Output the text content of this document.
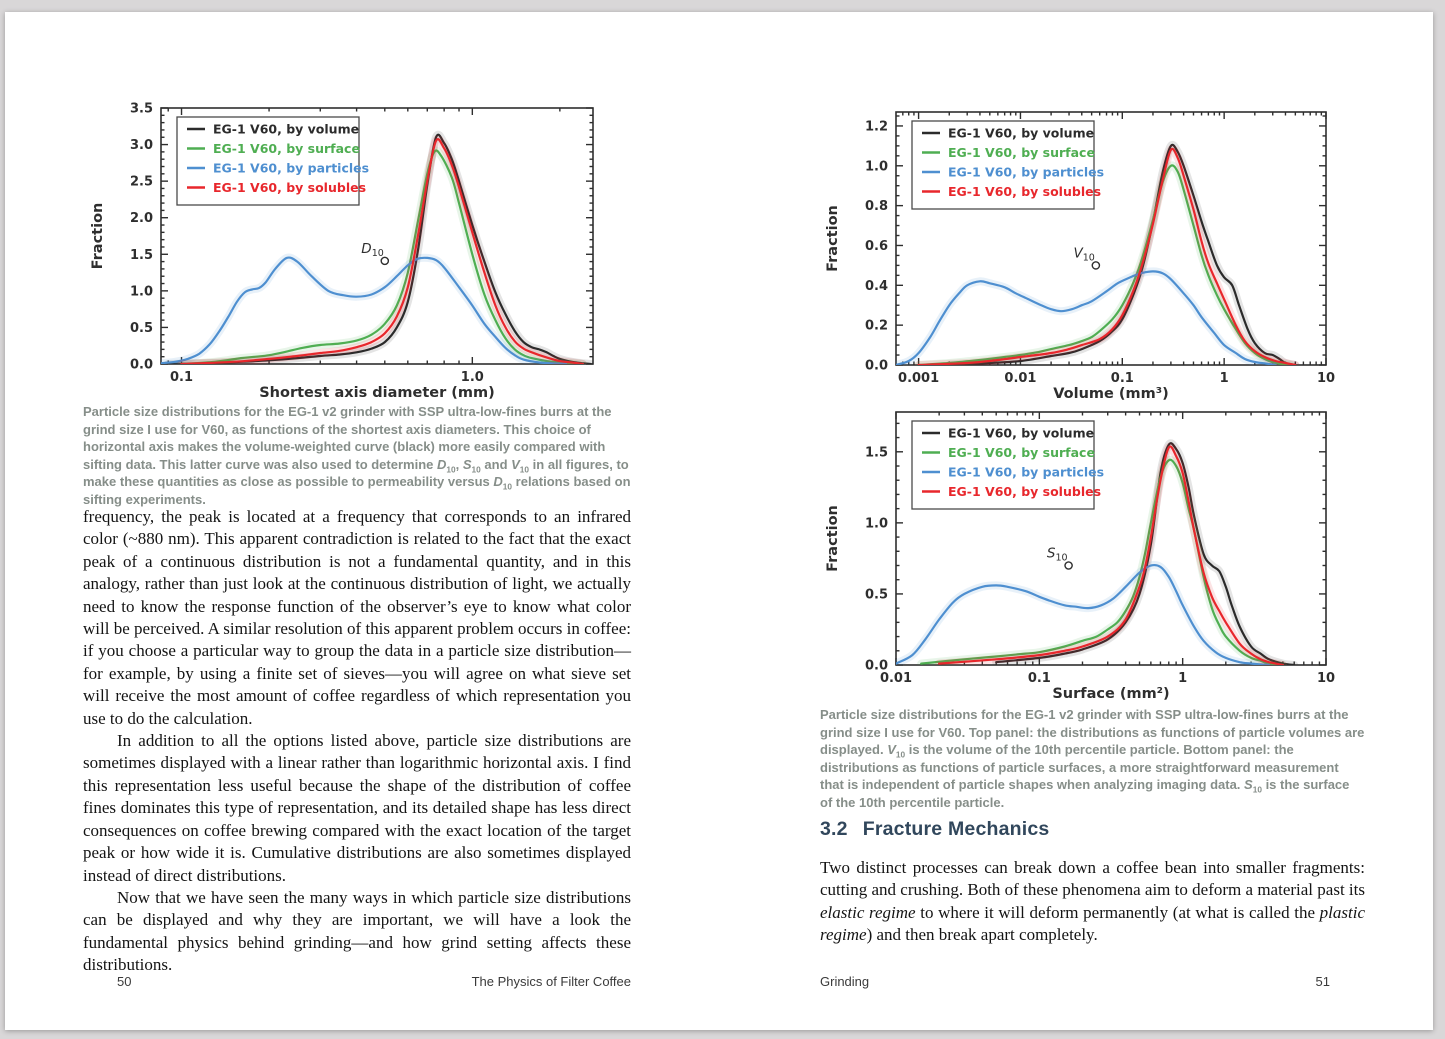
0.1	1.0
0.0
0.5
1.0
1.5
2.0
2.5
3.0
3.5
Shortest axis diameter (mm)
Fraction	$D_{10}$
EG-1 V60, by volume
EG-1 V60, by surface
EG-1 V60, by particles
EG-1 V60, by solubles
Particle size distributions for the EG-1 v2 grinder with SSP ultra-low-fines burrs at the grind size I use for V60, as functions of the shortest axis diameters. This choice of horizontal axis makes the volume-weighted curve (black) more easily compared with sifting data. This latter curve was also used to determine $D_{10}$, $S_{10}$ and $V_{10}$ in all figures, to make these quantities as close as possible to permeability versus $D_{10}$ relations based on sifting experiments.

frequency, the peak is located at a frequency that corresponds to an infrared color (~880 nm). This apparent contradiction is related to the fact that the exact peak of a continuous distribution is not a fundamental quantity, and in this analogy, rather than just look at the continuous distribution of light, we actually need to know the response function of the observer’s eye to know what color will be perceived. A similar resolution of this apparent problem occurs in coffee: if you choose a particular way to group the data in a particle size distribution—for example, by using a finite set of sieves—you will agree on what sieve set will receive the most amount of coffee regardless of which representation you use to do the calculation.

In addition to all the options listed above, particle size distributions are sometimes displayed with a linear rather than logarithmic horizontal axis. I find this representation less useful because the shape of the distribution of coffee fines dominates this type of representation, and its detailed shape has less direct consequences on coffee brewing compared with the exact location of the target peak or how wide it is. Cumulative distributions are also sometimes displayed instead of direct distributions.

Now that we have seen the many ways in which particle size distributions can be displayed and why they are important, we will have a look the fundamental physics behind grinding—and how grind setting affects these distributions.

50	The Physics of Filter Coffee
0.001	0.01	0.1	1	10
0.0
0.2
0.4
0.6
0.8
1.0
1.2
Volume (mm³)
Fraction	$V_{10}$
EG-1 V60, by volume
EG-1 V60, by surface
EG-1 V60, by particles
EG-1 V60, by solubles
0.01	0.1	1	10
0.0
0.5
1.0
1.5
Surface (mm²)
Fraction	$S_{10}$
EG-1 V60, by volume
EG-1 V60, by surface
EG-1 V60, by particles
EG-1 V60, by solubles
Particle size distributions for the EG-1 v2 grinder with SSP ultra-low-fines burrs at the grind size I use for V60. Top panel: the distributions as functions of particle volumes are displayed. $V_{10}$ is the volume of the 10th percentile particle. Bottom panel: the distributions as functions of particle surfaces, a more straightforward measurement that is independent of particle shapes when analyzing imaging data. $S_{10}$ is the surface of the 10th percentile particle.
3.2 Fracture Mechanics

Two distinct processes can break down a coffee bean into smaller fragments: cutting and crushing. Both of these phenomena aim to deform a material past its elastic regime to where it will deform permanently (at what is called the plastic regime) and then break apart completely.

Grinding	51
